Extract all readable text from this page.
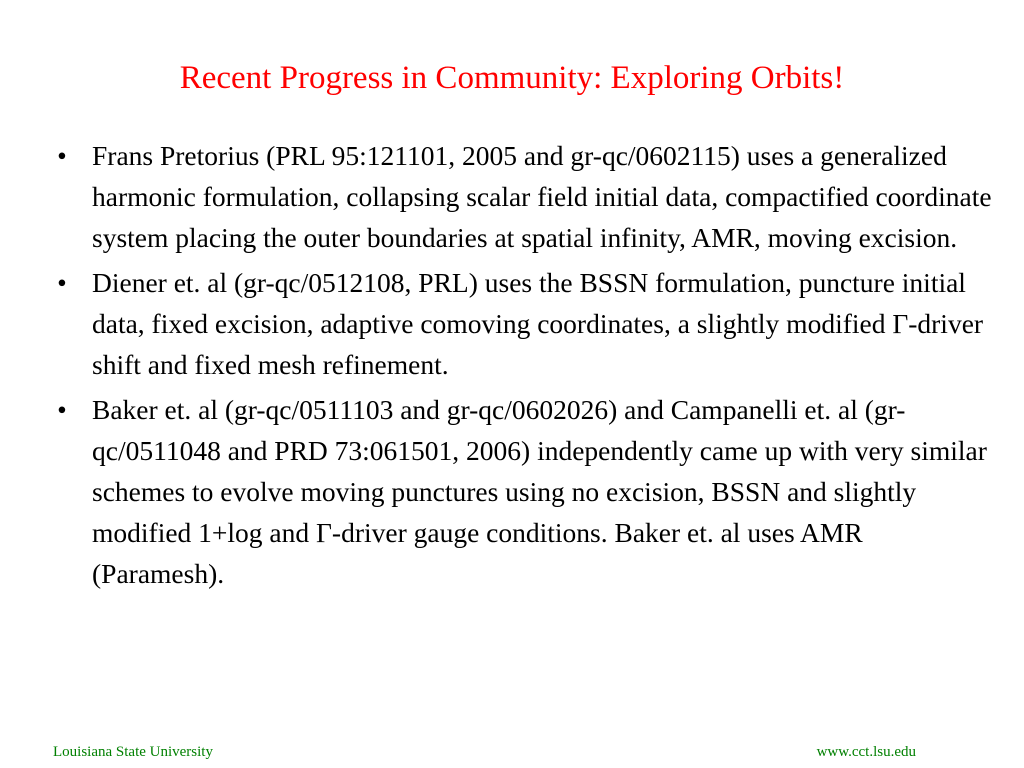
Recent Progress in Community: Exploring Orbits!
• Frans Pretorius (PRL 95:121101, 2005 and gr-qc/0602115) uses a generalized harmonic formulation, collapsing scalar field initial data, compactified coordinate system placing the outer boundaries at spatial infinity, AMR, moving excision.
• Diener et. al (gr-qc/0512108, PRL) uses the BSSN formulation, puncture initial data, fixed excision, adaptive comoving coordinates, a slightly modified Γ-driver shift and fixed mesh refinement.
• Baker et. al (gr-qc/0511103 and gr-qc/0602026) and Campanelli et. al (gr- qc/0511048 and PRD 73:061501, 2006) independently came up with very similar schemes to evolve moving punctures using no excision, BSSN and slightly modified 1+log and Γ-driver gauge conditions. Baker et. al uses AMR (Paramesh).
Louisiana State University	www.cct.lsu.edu
